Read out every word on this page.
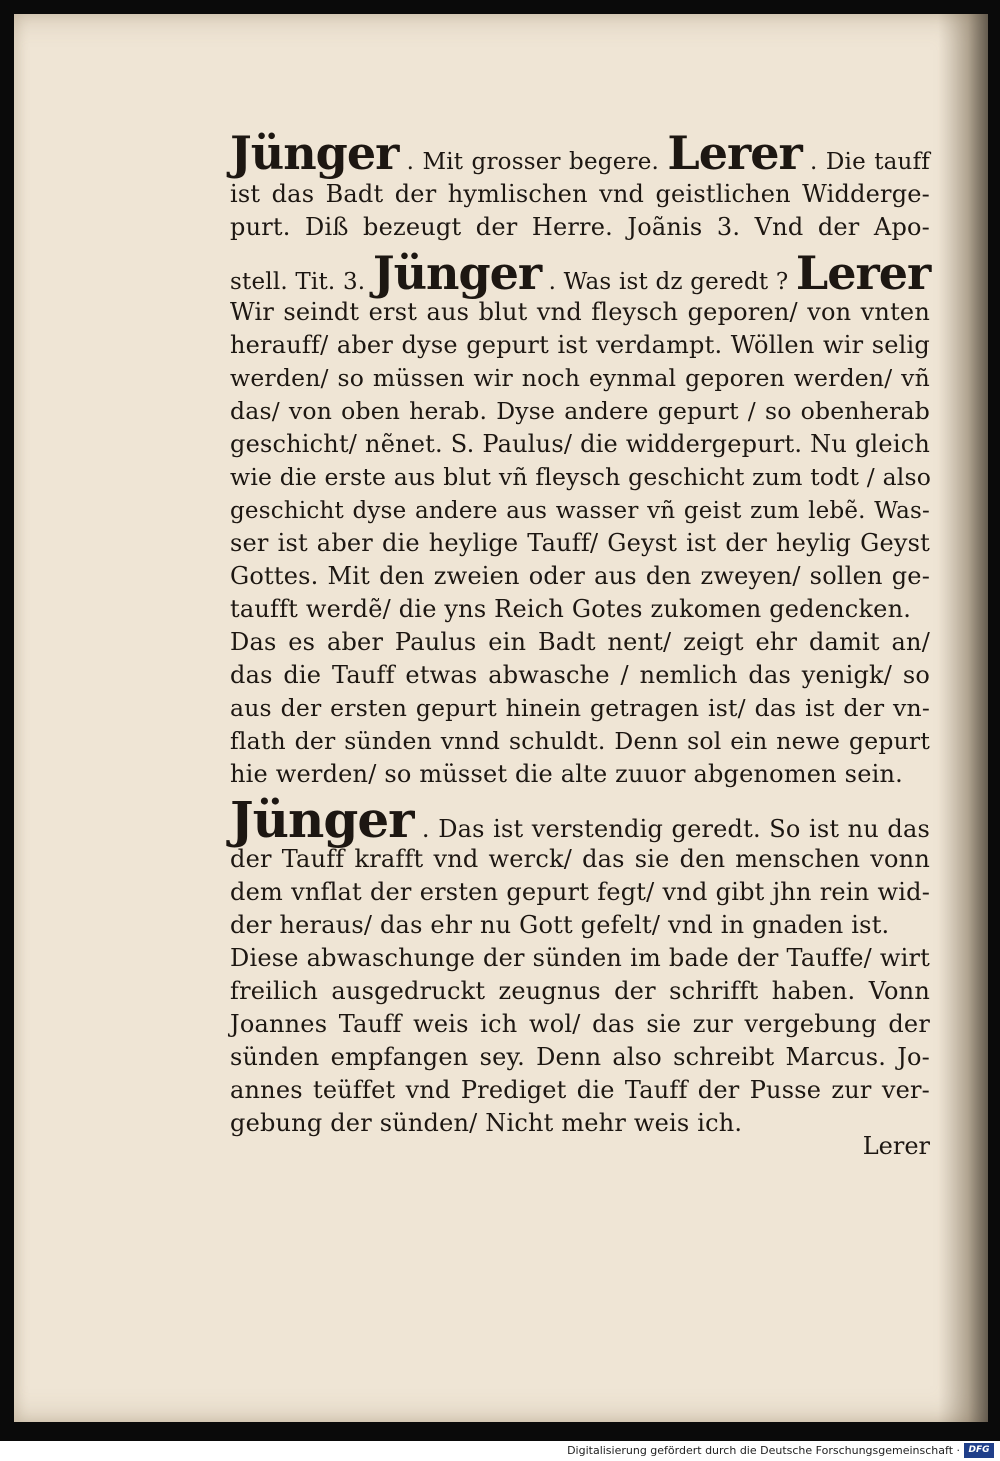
Jünger . Mit grosser begere. Lerer . Die tauff
ist das Badt der hymlischen vnd geistlichen Widderge-
purt. Diß bezeugt der Herre. Joãnis 3. Vnd der Apo-
stell. Tit. 3. Jünger . Was ist dz geredt ? Lerer
Wir seindt erst aus blut vnd fleysch geporen/ von vnten
herauff/ aber dyse gepurt ist verdampt. Wöllen wir selig
werden/ so müssen wir noch eynmal geporen werden/ vñ
das/ von oben herab. Dyse andere gepurt / so obenherab
geschicht/ nẽnet. S. Paulus/ die widdergepurt. Nu gleich
wie die erste aus blut vñ fleysch geschicht zum todt / also
geschicht dyse andere aus wasser vñ geist zum lebẽ. Was-
ser ist aber die heylige Tauff/ Geyst ist der heylig Geyst
Gottes. Mit den zweien oder aus den zweyen/ sollen ge-
taufft werdẽ/ die yns Reich Gotes zukomen gedencken.
Das es aber Paulus ein Badt nent/ zeigt ehr damit an/
das die Tauff etwas abwasche / nemlich das yenigk/ so
aus der ersten gepurt hinein getragen ist/ das ist der vn-
flath der sünden vnnd schuldt. Denn sol ein newe gepurt
hie werden/ so müsset die alte zuuor abgenomen sein.
Jünger . Das ist verstendig geredt. So ist nu das
der Tauff krafft vnd werck/ das sie den menschen vonn
dem vnflat der ersten gepurt fegt/ vnd gibt jhn rein wid-
der heraus/ das ehr nu Gott gefelt/ vnd in gnaden ist.
Diese abwaschunge der sünden im bade der Tauffe/ wirt
freilich ausgedruckt zeugnus der schrifft haben. Vonn
Joannes Tauff weis ich wol/ das sie zur vergebung der
sünden empfangen sey. Denn also schreibt Marcus. Jo-
annes teüffet vnd Prediget die Tauff der Pusse zur ver-
gebung der sünden/ Nicht mehr weis ich.
Lerer
Digitalisierung gefördert durch die Deutsche Forschungsgemeinschaft · DFG
